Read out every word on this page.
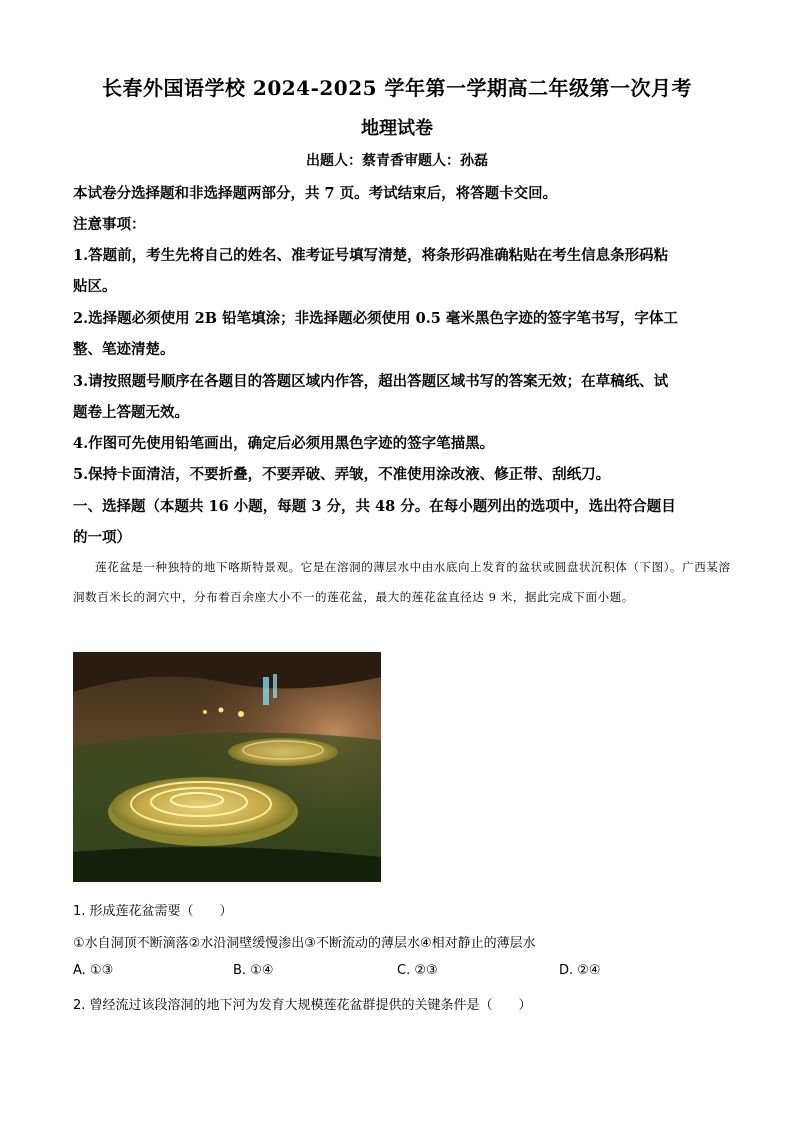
长春外国语学校 2024-2025 学年第一学期高二年级第一次月考
地理试卷
出题人：蔡青香审题人：孙磊
本试卷分选择题和非选择题两部分，共 7 页。考试结束后，将答题卡交回。
注意事项：
1.答题前，考生先将自己的姓名、准考证号填写清楚，将条形码准确粘贴在考生信息条形码粘
贴区。
2.选择题必须使用 2B 铅笔填涂；非选择题必须使用 0.5 毫米黑色字迹的签字笔书写，字体工
整、笔迹清楚。
3.请按照题号顺序在各题目的答题区域内作答，超出答题区域书写的答案无效；在草稿纸、试
题卷上答题无效。
4.作图可先使用铅笔画出，确定后必须用黑色字迹的签字笔描黑。
5.保持卡面清洁，不要折叠，不要弄破、弄皱，不准使用涂改液、修正带、刮纸刀。
一、选择题（本题共 16 小题，每题 3 分，共 48 分。在每小题列出的选项中，选出符合题目
的一项）
莲花盆是一种独特的地下喀斯特景观。它是在溶洞的薄层水中由水底向上发育的盆状或圆盘状沉积体（下图）。广西某溶洞数百米长的洞穴中，分布着百余座大小不一的莲花盆，最大的莲花盆直径达 9 米，据此完成下面小题。
1. 形成莲花盆需要（　　）
①水自洞顶不断滴落②水沿洞壁缓慢渗出③不断流动的薄层水④相对静止的薄层水
A. ①③	B. ①④	C. ②③	D. ②④
2. 曾经流过该段溶洞的地下河为发育大规模莲花盆群提供的关键条件是（　　）
